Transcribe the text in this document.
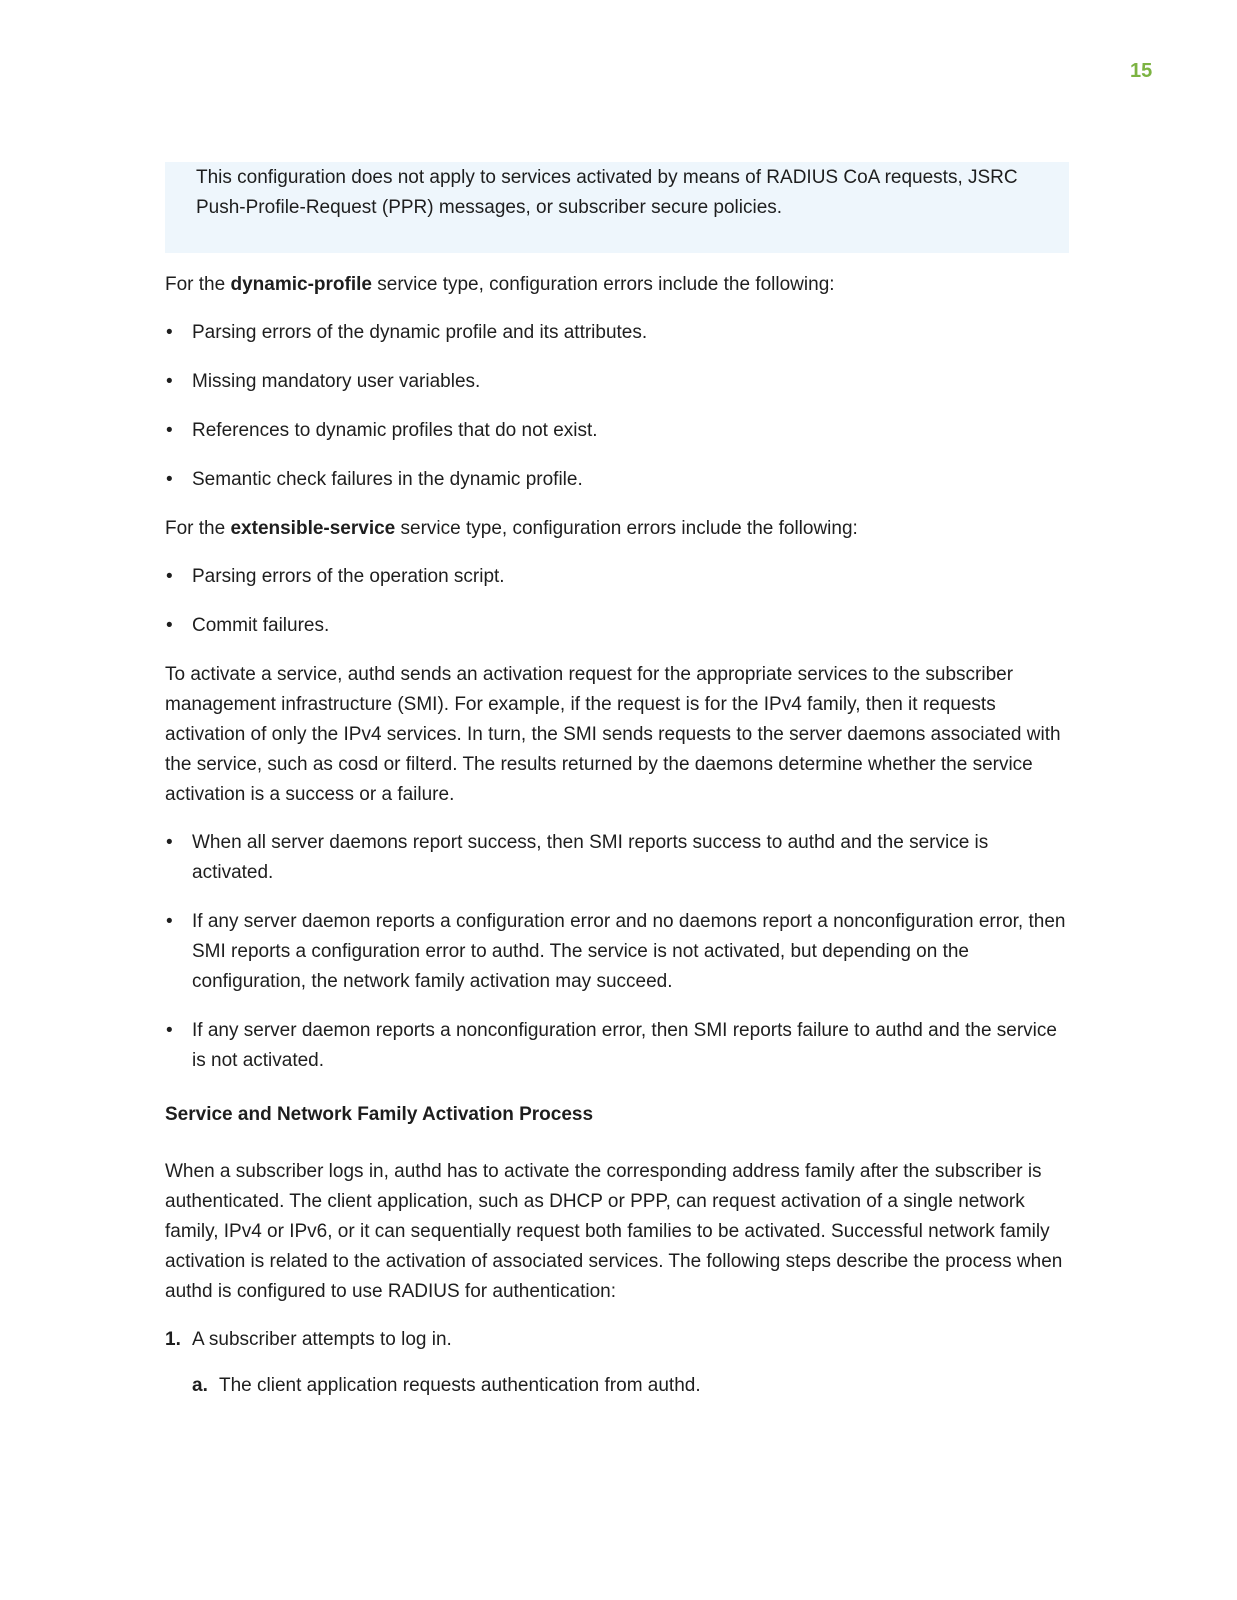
15

This configuration does not apply to services activated by means of RADIUS CoA requests, JSRC Push-Profile-Request (PPR) messages, or subscriber secure policies.

For the dynamic-profile service type, configuration errors include the following:

• Parsing errors of the dynamic profile and its attributes.
• Missing mandatory user variables.
• References to dynamic profiles that do not exist.
• Semantic check failures in the dynamic profile.

For the extensible-service service type, configuration errors include the following:

• Parsing errors of the operation script.
• Commit failures.

To activate a service, authd sends an activation request for the appropriate services to the subscriber management infrastructure (SMI). For example, if the request is for the IPv4 family, then it requests activation of only the IPv4 services. In turn, the SMI sends requests to the server daemons associated with the service, such as cosd or filterd. The results returned by the daemons determine whether the service activation is a success or a failure.

• When all server daemons report success, then SMI reports success to authd and the service is activated.
• If any server daemon reports a configuration error and no daemons report a nonconfiguration error, then SMI reports a configuration error to authd. The service is not activated, but depending on the configuration, the network family activation may succeed.
• If any server daemon reports a nonconfiguration error, then SMI reports failure to authd and the service is not activated.

Service and Network Family Activation Process

When a subscriber logs in, authd has to activate the corresponding address family after the subscriber is authenticated. The client application, such as DHCP or PPP, can request activation of a single network family, IPv4 or IPv6, or it can sequentially request both families to be activated. Successful network family activation is related to the activation of associated services. The following steps describe the process when authd is configured to use RADIUS for authentication:

1. A subscriber attempts to log in.
a. The client application requests authentication from authd.
